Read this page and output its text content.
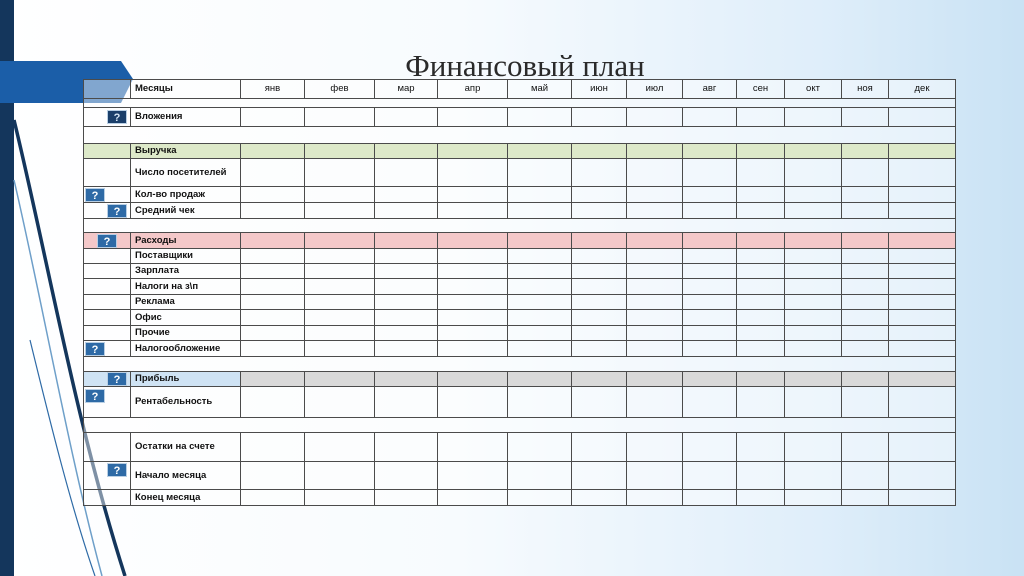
Финансовый план
	Месяцы	янв	фев	мар	апр	май	июн	июл	авг	сен	окт	ноя	дек

?	Вложения												

	Выручка												
	Число посетителей												

?	Кол-во продаж												

?	Средний чек												

?	Расходы												
	Поставщики												
	Зарплата												
	Налоги на з\п												
	Реклама												
	Офис												
	Прочие												

?	Налогообложение												

?	Прибыль												

?	Рентабельность												

	Остатки на счете												

?	Начало месяца												
	Конец месяца												
